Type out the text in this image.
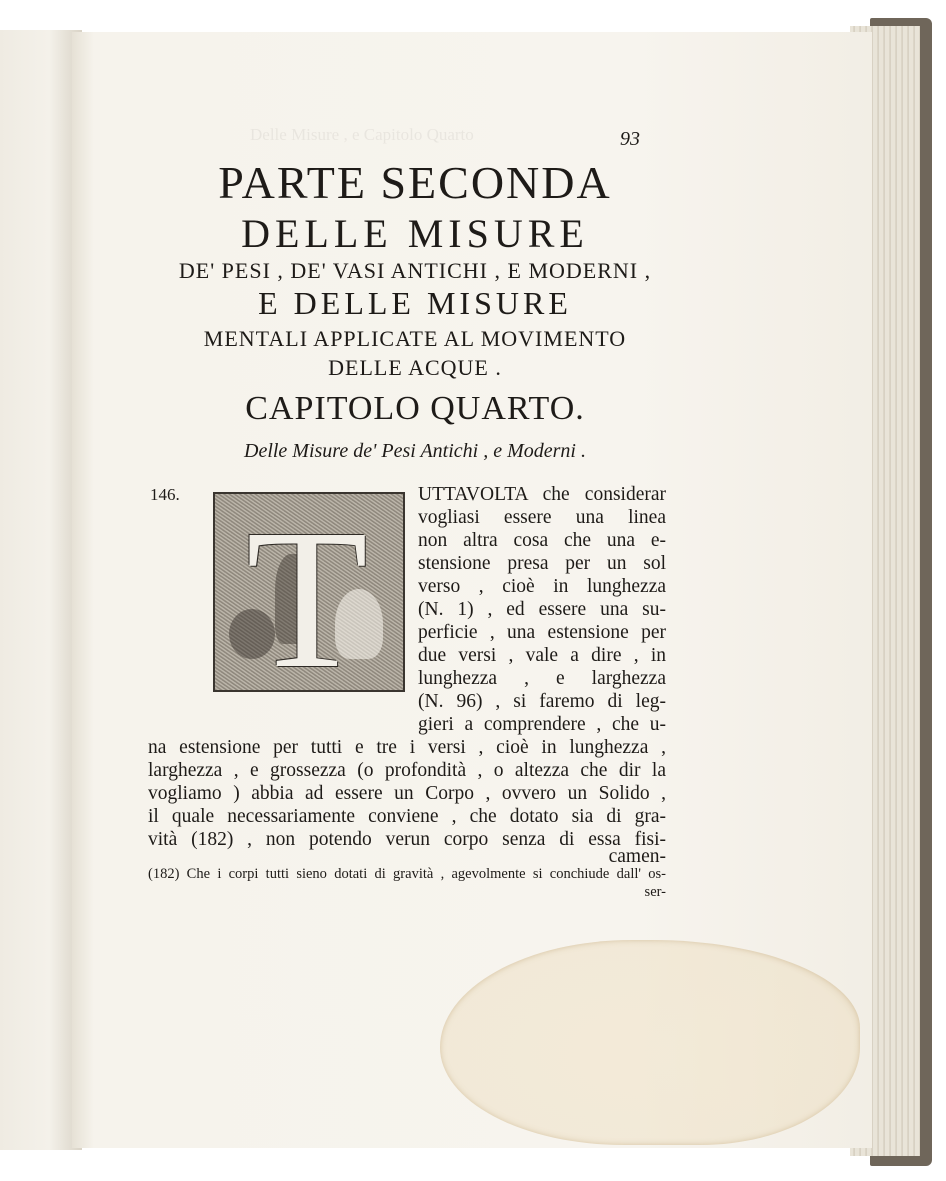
Delle Misure , e Capitolo Quarto	93
PARTE SECONDA
DELLE MISURE
DE' PESI , DE' VASI ANTICHI , E MODERNI ,
E DELLE MISURE
MENTALI APPLICATE AL MOVIMENTO
DELLE ACQUE .
CAPITOLO QUARTO.
Delle Misure de' Pesi Antichi , e Moderni .
146. T	UTTAVOLTA che considerar
vogliasi essere una linea
non altra cosa che una e-
stensione presa per un sol
verso , cioè in lunghezza
(N. 1) , ed essere una su-
perficie , una estensione per
due versi , vale a dire , in
lunghezza , e larghezza
(N. 96) , si faremo di leg-
gieri a comprendere , che u-
na estensione per tutti e tre i versi , cioè in lunghezza ,
larghezza , e grossezza (o profondità , o altezza che dir la
vogliamo ) abbia ad essere un Corpo , ovvero un Solido ,
il quale necessariamente conviene , che dotato sia di gra-
vità (182) , non potendo verun corpo senza di essa fisi-
camen-
(182) Che i corpi tutti sieno dotati di gravità , agevolmente si conchiude dall' os-
ser-
